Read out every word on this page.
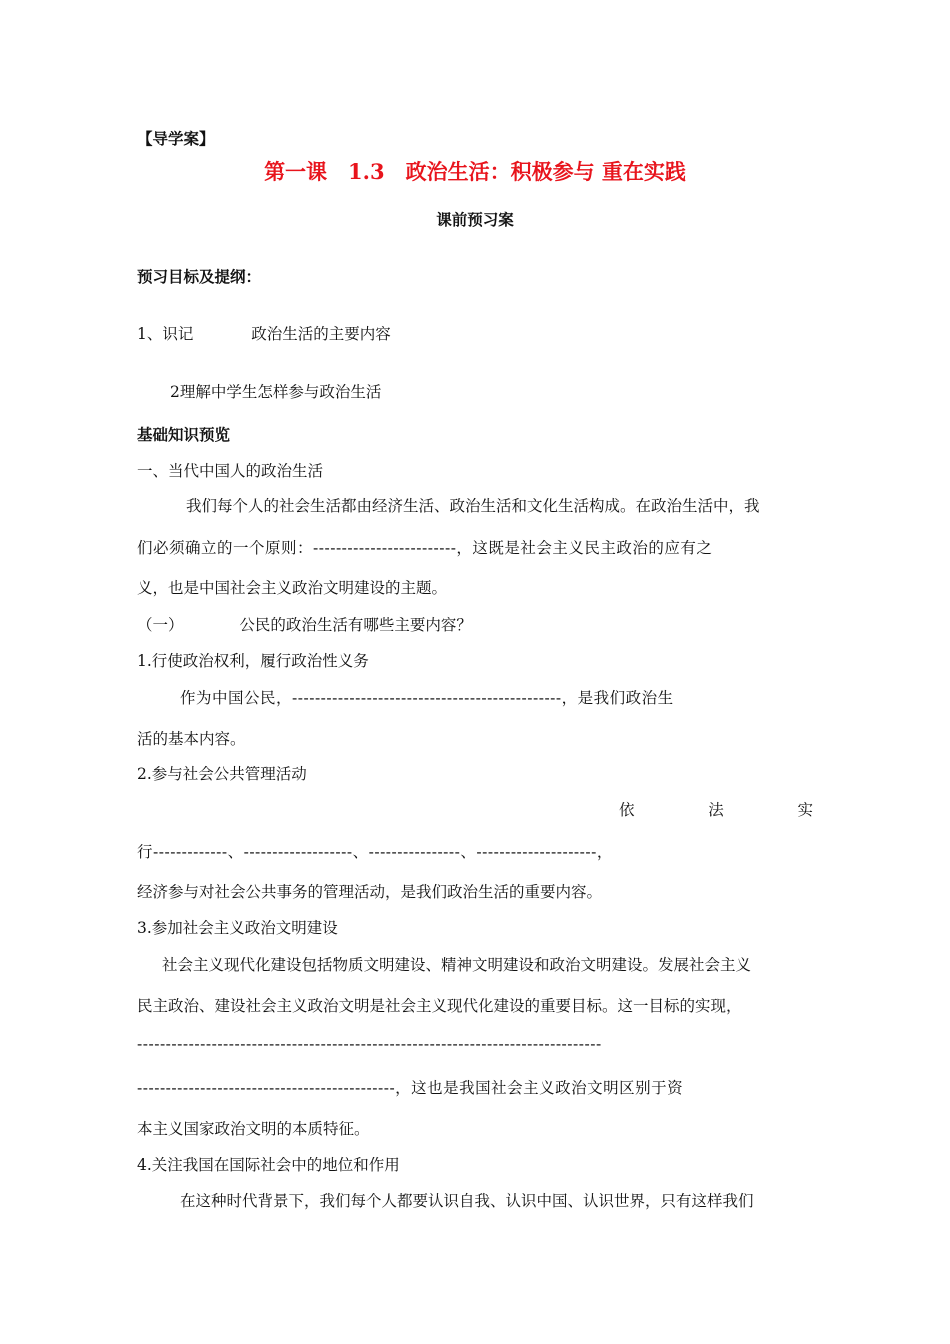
【导学案】
第一课　1.3　政治生活：积极参与 重在实践
课前预习案
预习目标及提纲：
1、识记	政治生活的主要内容
2理解中学生怎样参与政治生活
基础知识预览
一、当代中国人的政治生活
我们每个人的社会生活都由经济生活、政治生活和文化生活构成。在政治生活中，我
们必须确立的一个原则：-------------------------，这既是社会主义民主政治的应有之
义，也是中国社会主义政治文明建设的主题。
（一）	公民的政治生活有哪些主要内容？
1.行使政治权利，履行政治性义务
作为中国公民，-----------------------------------------------，是我们政治生
活的基本内容。
2.参与社会公共管理活动
依	法	实
行-------------、-------------------、----------------、---------------------，
经济参与对社会公共事务的管理活动，是我们政治生活的重要内容。
3.参加社会主义政治文明建设
社会主义现代化建设包括物质文明建设、精神文明建设和政治文明建设。发展社会主义
民主政治、建设社会主义政治文明是社会主义现代化建设的重要目标。这一目标的实现，
---------------------------------------------------------------------------------
---------------------------------------------，这也是我国社会主义政治文明区别于资
本主义国家政治文明的本质特征。
4.关注我国在国际社会中的地位和作用
在这种时代背景下，我们每个人都要认识自我、认识中国、认识世界，只有这样我们
